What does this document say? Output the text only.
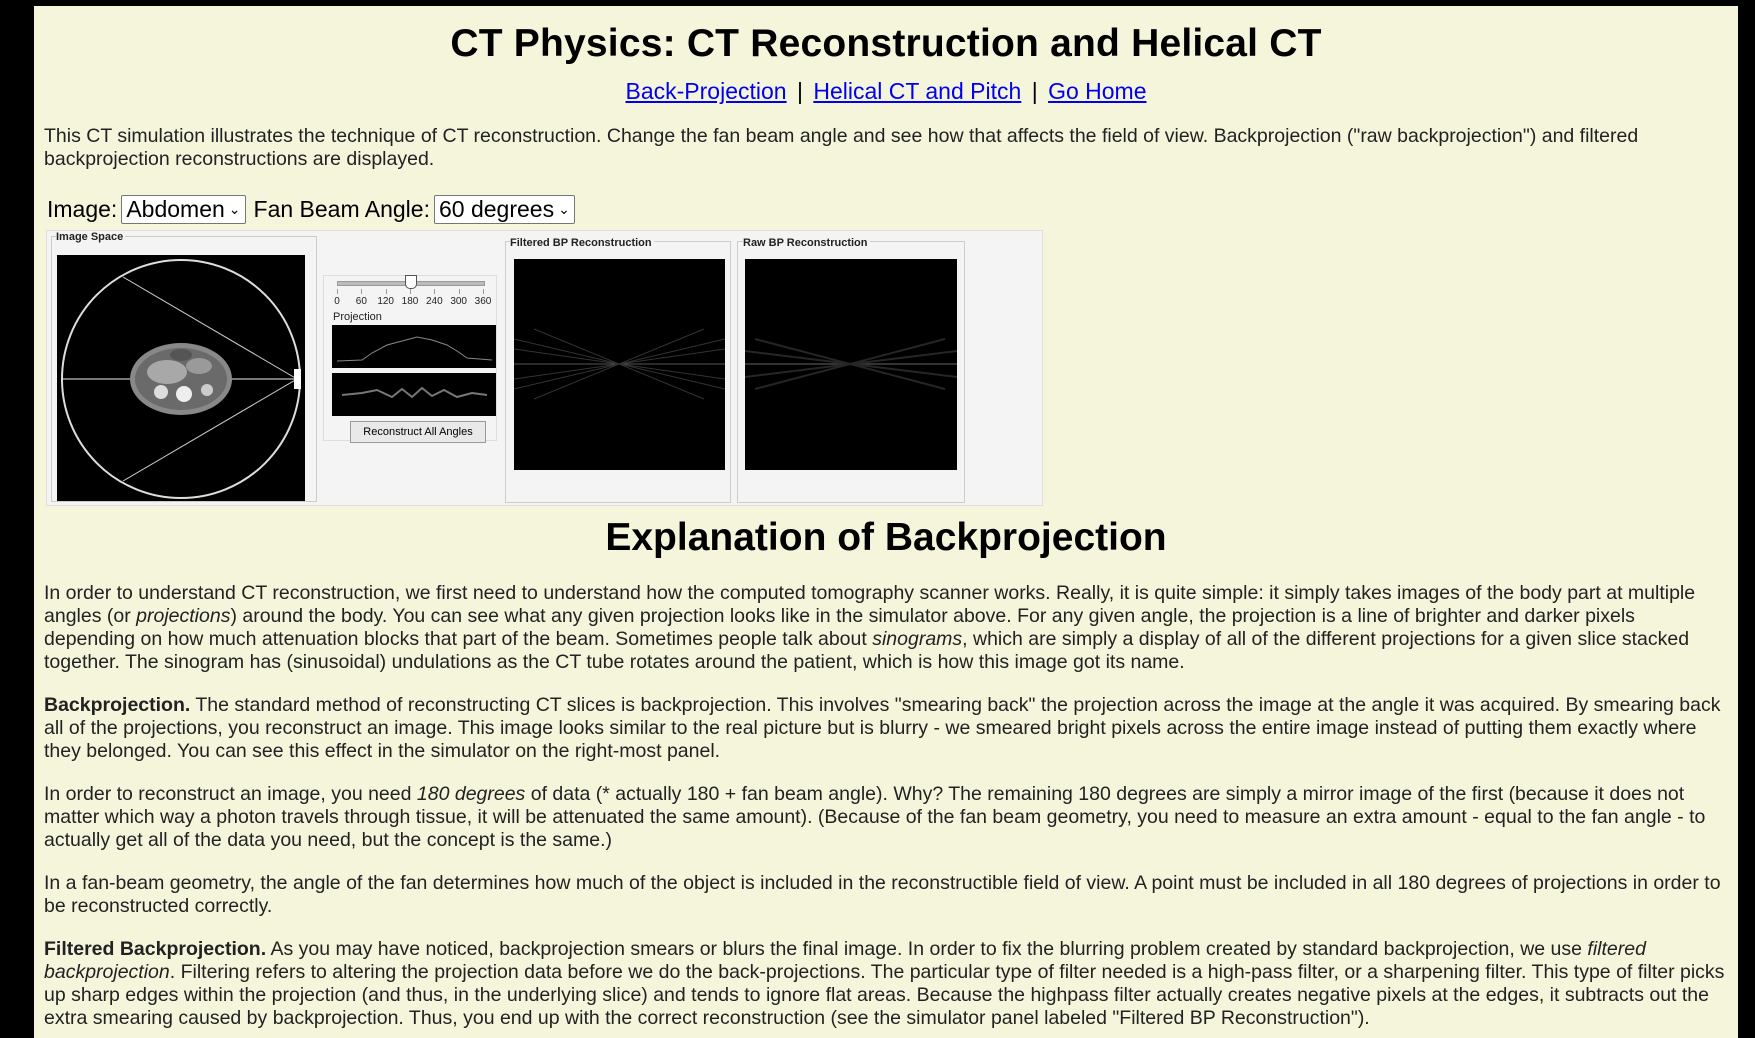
CT Physics: CT Reconstruction and Helical CT
Back-Projection | Helical CT and Pitch | Go Home

This CT simulation illustrates the technique of CT reconstruction. Change the fan beam angle and see how that affects the field of view. Backprojection ("raw backprojection") and filtered backprojection reconstructions are displayed.

Image: Abdomen ⌄ Fan Beam Angle: 60 degrees ⌄
Image Space
0	60	120 180 240 300 360
Projection
Reconstruct All Angles
Filtered BP Reconstruction	Raw BP Reconstruction
Explanation of Backprojection

In order to understand CT reconstruction, we first need to understand how the computed tomography scanner works. Really, it is quite simple: it simply takes images of the body part at multiple angles (or projections) around the body. You can see what any given projection looks like in the simulator above. For any given angle, the projection is a line of brighter and darker pixels depending on how much attenuation blocks that part of the beam. Sometimes people talk about sinograms, which are simply a display of all of the different projections for a given slice stacked together. The sinogram has (sinusoidal) undulations as the CT tube rotates around the patient, which is how this image got its name.

Backprojection. The standard method of reconstructing CT slices is backprojection. This involves "smearing back" the projection across the image at the angle it was acquired. By smearing back all of the projections, you reconstruct an image. This image looks similar to the real picture but is blurry - we smeared bright pixels across the entire image instead of putting them exactly where they belonged. You can see this effect in the simulator on the right-most panel.

In order to reconstruct an image, you need 180 degrees of data (* actually 180 + fan beam angle). Why? The remaining 180 degrees are simply a mirror image of the first (because it does not matter which way a photon travels through tissue, it will be attenuated the same amount). (Because of the fan beam geometry, you need to measure an extra amount - equal to the fan angle - to actually get all of the data you need, but the concept is the same.)

In a fan-beam geometry, the angle of the fan determines how much of the object is included in the reconstructible field of view. A point must be included in all 180 degrees of projections in order to be reconstructed correctly.

Filtered Backprojection. As you may have noticed, backprojection smears or blurs the final image. In order to fix the blurring problem created by standard backprojection, we use filtered backprojection. Filtering refers to altering the projection data before we do the back-projections. The particular type of filter needed is a high-pass filter, or a sharpening filter. This type of filter picks up sharp edges within the projection (and thus, in the underlying slice) and tends to ignore flat areas. Because the highpass filter actually creates negative pixels at the edges, it subtracts out the extra smearing caused by backprojection. Thus, you end up with the correct reconstruction (see the simulator panel labeled "Filtered BP Reconstruction").
